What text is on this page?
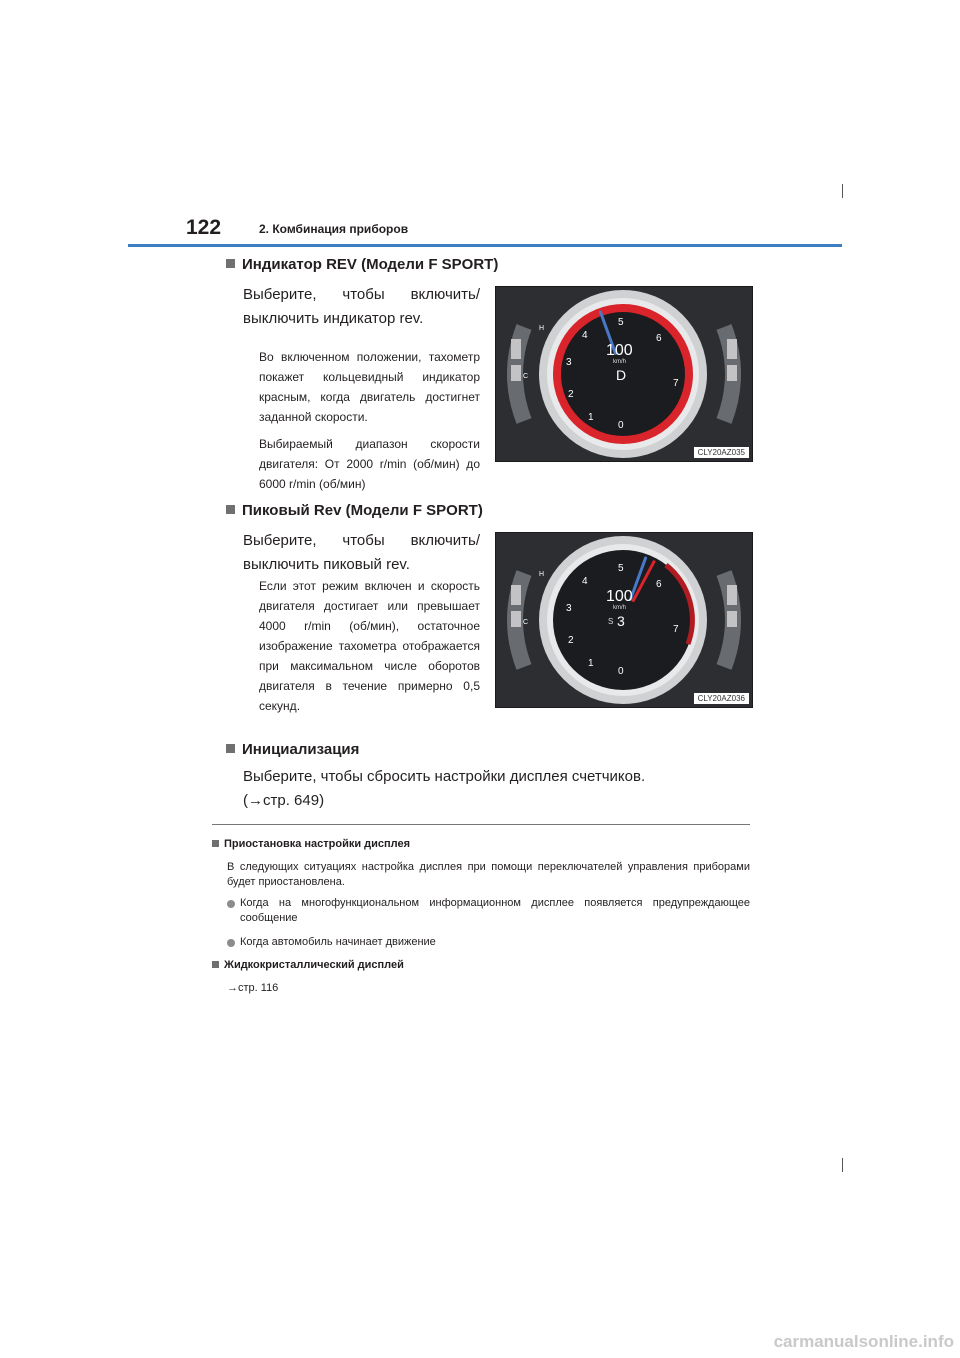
122	2. Комбинация приборов
Индикатор REV (Модели F SPORT)
Выберите, чтобы включить/ выключить индикатор rev.
Во включенном положении, тахометр покажет кольцевидный индикатор красным, когда двигатель достигнет заданной скорости.
Выбираемый диапазон скорости двигателя: От 2000 r/min (об/мин) до 6000 r/min (об/мин)
100
km/h
D
0
1
2
3
4
5
6
7
H
C
CLY20AZ035
Пиковый Rev (Модели F SPORT)
Выберите, чтобы включить/ выключить пиковый rev.
Если этот режим включен и скорость двигателя достигает или превышает 4000 r/min (об/мин), остаточное изображение тахометра отображается при максимальном числе оборотов двигателя в течение примерно 0,5 секунд.
100
km/h
S 3
0
1
2
3
4
5
6
7
H
C
CLY20AZ036
Инициализация
Выберите, чтобы сбросить настройки дисплея счетчиков.
(→стр. 649)
Приостановка настройки дисплея
В следующих ситуациях настройка дисплея при помощи переключателей управления приборами будет приостановлена.
Когда на многофункциональном информационном дисплее появляется предупреждающее сообщение
Когда автомобиль начинает движение
Жидкокристаллический дисплей
→стр. 116
carmanualsonline.info
